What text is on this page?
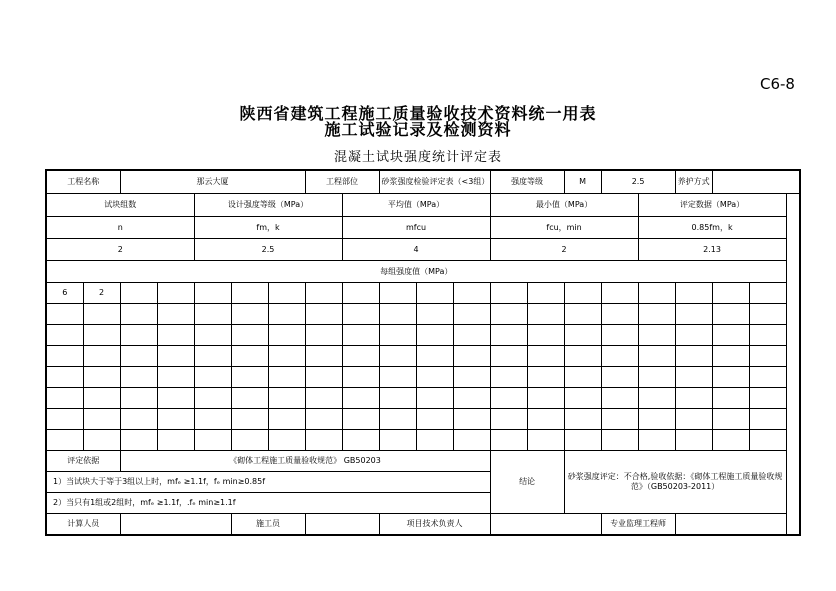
C6-8
陕西省建筑工程施工质量验收技术资料统一用表
施工试验记录及检测资料
混凝土试块强度统计评定表
工程名称		那云大厦					工程部位		砂浆强度检验评定表（<3组）			强度等级		M	2.5		养护方式		
试块组数				设计强度等级（MPa）				平均值（MPa）				最小值（MPa）				评定数据（MPa）			
n				fm，k				mfcu				fcu，min				0.85fm，k			
2				2.5				4				2				2.13			
每组强度值（MPa）																			
6	2																		

评定依据		《砌体工程施工质量验收规范》 GB50203										结论		砂浆强度评定：不合格,验收依据：《砌体工程施工质量验收规范》（GB50203-2011）					
1）当试块大于等于3组以上时，mfₑ ≥1.1f，fₑ min≥0.85f																			
2）当只有1组或2组时，mfₑ ≥1.1f，.fₑ min≥1.1f																			
计算人员					施工员				项目技术负责人						专业监理工程师				
